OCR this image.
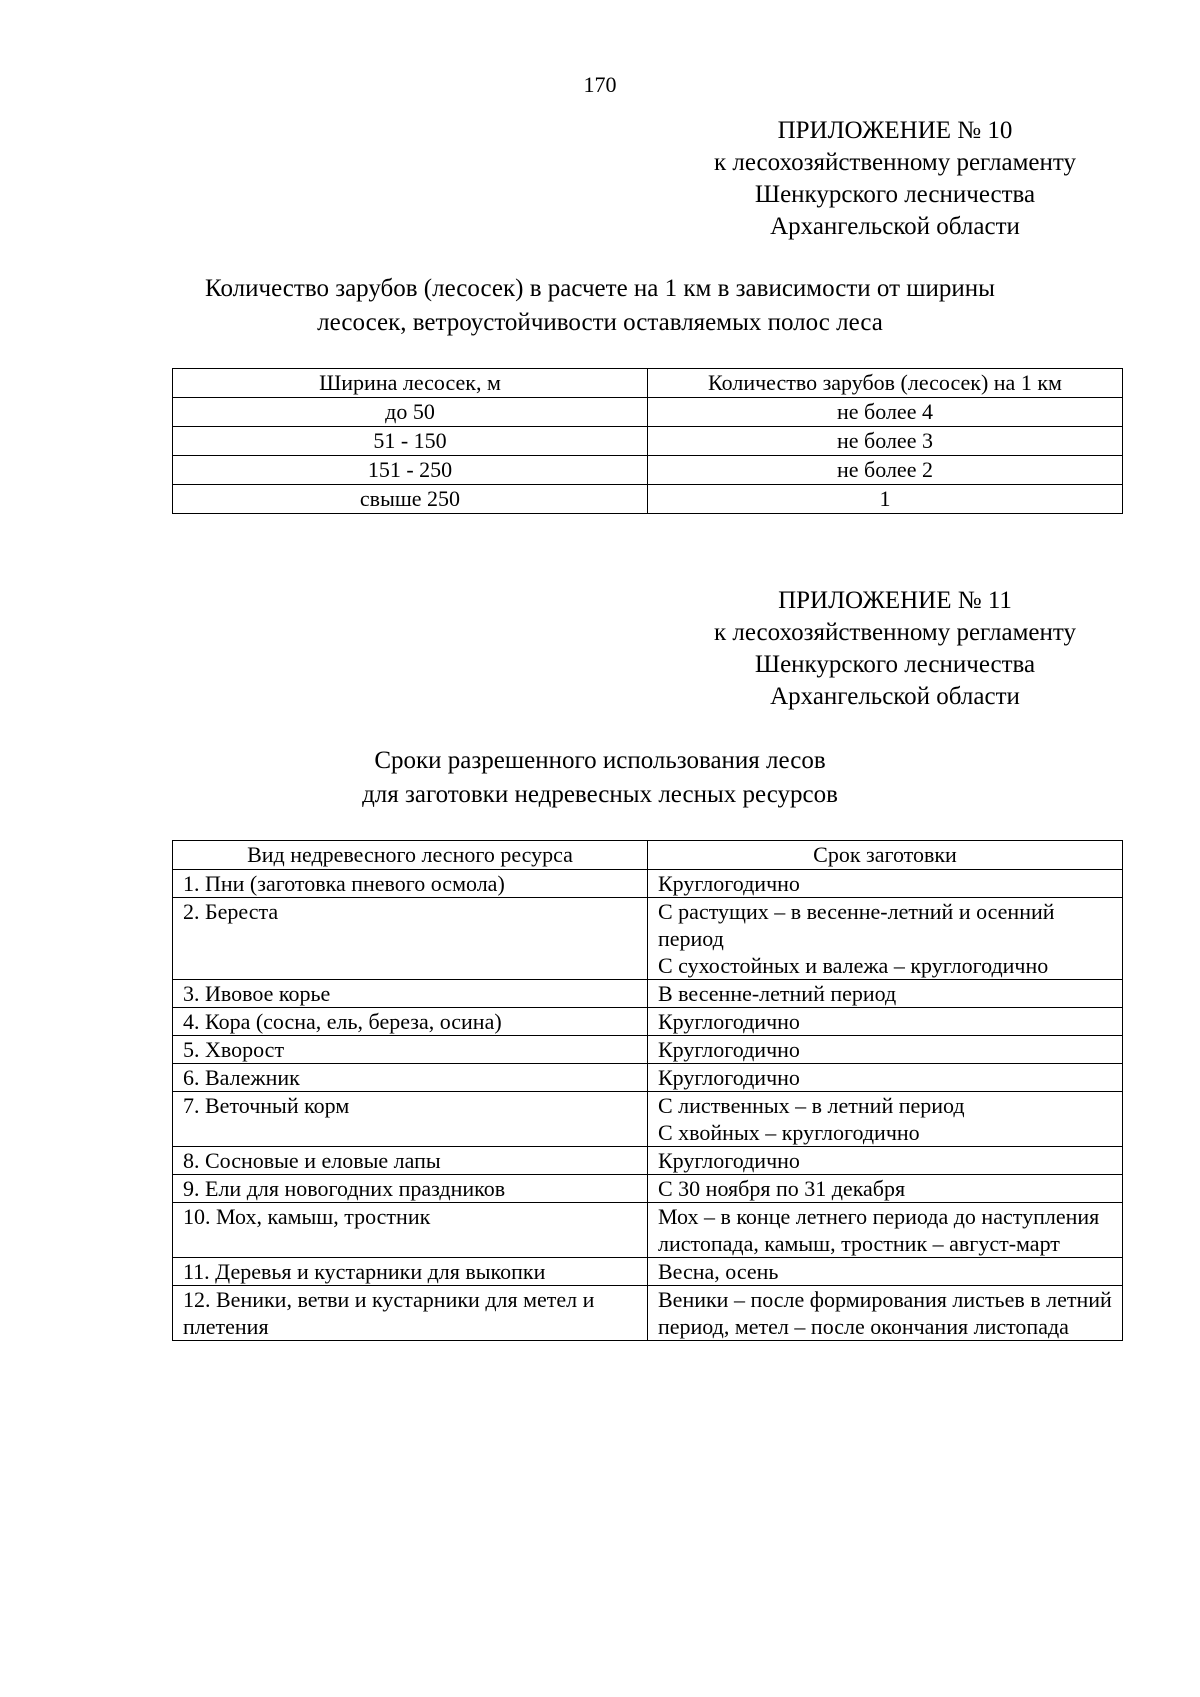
170
ПРИЛОЖЕНИЕ № 10
к лесохозяйственному регламенту
Шенкурского лесничества
Архангельской области
Количество зарубов (лесосек) в расчете на 1 км в зависимости от ширины
лесосек, ветроустойчивости оставляемых полос леса
Ширина лесосек, м	Количество зарубов (лесосек) на 1 км
до 50	не более 4
51 - 150	не более 3
151 - 250	не более 2
свыше 250	1
ПРИЛОЖЕНИЕ № 11
к лесохозяйственному регламенту
Шенкурского лесничества
Архангельской области
Сроки разрешенного использования лесов
для заготовки недревесных лесных ресурсов
Вид недревесного лесного ресурса	Срок заготовки
1. Пни (заготовка пневого осмола)	Круглогодично

2. Береста	С растущих – в весенне-летний и осенний период
С сухостойных и валежа – круглогодично

3. Ивовое корье	В весенне-летний период

4. Кора (сосна, ель, береза, осина)	Круглогодично

5. Хворост	Круглогодично

6. Валежник	Круглогодично

7. Веточный корм	С лиственных – в летний период
С хвойных – круглогодично

8. Сосновые и еловые лапы	Круглогодично

9. Ели для новогодних праздников	С 30 ноября по 31 декабря

10. Мох, камыш, тростник	Мох – в конце летнего периода до наступления листопада, камыш, тростник – август-март

11. Деревья и кустарники для выкопки	Весна, осень

12. Веники, ветви и кустарники для метел и плетения	Веники – после формирования листьев в летний период, метел – после окончания листопада
